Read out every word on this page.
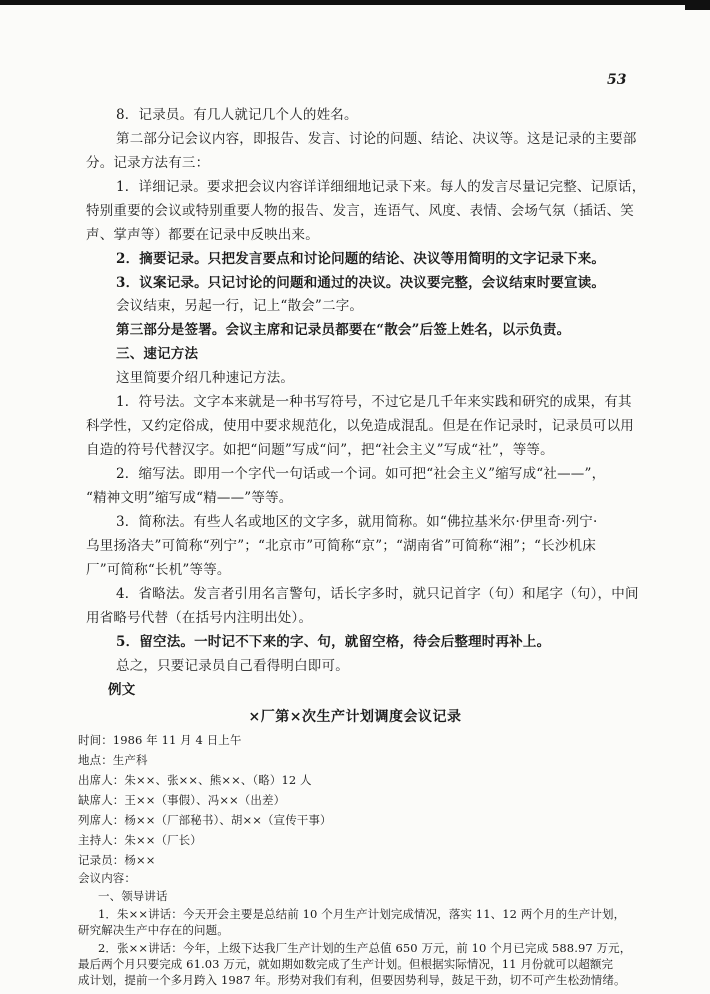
53
8．记录员。有几人就记几个人的姓名。
第二部分记会议内容，即报告、发言、讨论的问题、结论、决议等。这是记录的主要部
分。记录方法有三：
1．详细记录。要求把会议内容详详细细地记录下来。每人的发言尽量记完整、记原话，
特别重要的会议或特别重要人物的报告、发言，连语气、风度、表情、会场气氛（插话、笑
声、掌声等）都要在记录中反映出来。
2．摘要记录。只把发言要点和讨论问题的结论、决议等用简明的文字记录下来。
3．议案记录。只记讨论的问题和通过的决议。决议要完整，会议结束时要宣读。
会议结束，另起一行，记上“散会”二字。
第三部分是签署。会议主席和记录员都要在“散会”后签上姓名，以示负责。
三、速记方法
这里简要介绍几种速记方法。
1．符号法。文字本来就是一种书写符号，不过它是几千年来实践和研究的成果，有其
科学性，又约定俗成，使用中要求规范化，以免造成混乱。但是在作记录时，记录员可以用
自造的符号代替汉字。如把“问题”写成“问”，把“社会主义”写成“社”，等等。
2．缩写法。即用一个字代一句话或一个词。如可把“社会主义”缩写成“社——”，
“精神文明”缩写成“精——”等等。
3．简称法。有些人名或地区的文字多，就用简称。如“佛拉基米尔·伊里奇·列宁·
乌里扬洛夫”可简称“列宁”；“北京市”可简称“京”；“湖南省”可简称“湘”；“长沙机床
厂”可简称“长机”等等。
4．省略法。发言者引用名言警句，话长字多时，就只记首字（句）和尾字（句），中间
用省略号代替（在括号内注明出处）。
5．留空法。一时记不下来的字、句，就留空格，待会后整理时再补上。
总之，只要记录员自己看得明白即可。
例文
×厂第×次生产计划调度会议记录
时间：1986 年 11 月 4 日上午
地点：生产科
出席人：朱××、张××、熊××、（略）12 人
缺席人：王××（事假）、冯××（出差）
列席人：杨××（厂部秘书）、胡××（宣传干事）
主持人：朱××（厂长）
记录员：杨××
会议内容：
一、领导讲话
1．朱××讲话：今天开会主要是总结前 10 个月生产计划完成情况，落实 11、12 两个月的生产计划，
研究解决生产中存在的问题。
2．张××讲话：今年，上级下达我厂生产计划的生产总值 650 万元，前 10 个月已完成 588.97 万元，
最后两个月只要完成 61.03 万元，就如期如数完成了生产计划。但根据实际情况，11 月份就可以超额完
成计划，提前一个多月跨入 1987 年。形势对我们有利，但要因势利导，鼓足干劲，切不可产生松劲情绪。
